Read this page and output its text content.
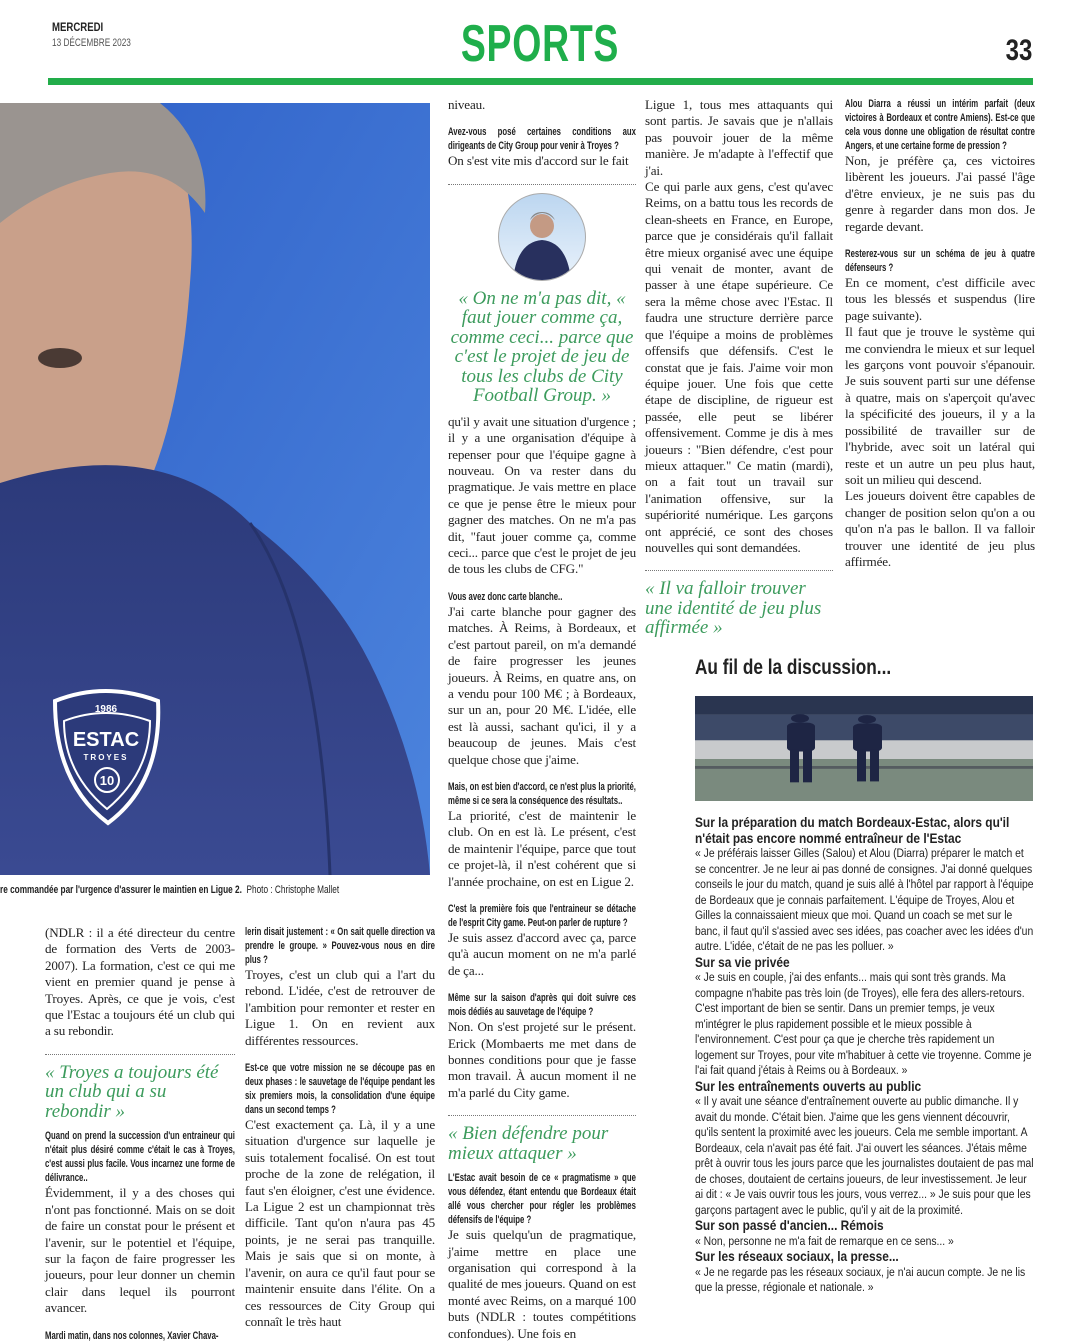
MERCREDI
13 DÉCEMBRE 2023	SPORTS	33
1986
ESTAC
TROYES
10
re commandée par l'urgence d'assurer le maintien en Ligue 2. Photo : Christophe Mallet

niveau.

Avez-vous posé certaines conditions aux dirigeants de City Group pour venir à Troyes ?

On s'est vite mis d'accord sur le fait

« On ne m'a pas dit, « faut jouer comme ça, comme ceci... parce que c'est le projet de jeu de tous les clubs de City Football Group. »

qu'il y avait une situation d'urgence ; il y a une organisation d'équipe à repenser pour que l'équipe gagne à nouveau. On va rester dans du pragmatique. Je vais mettre en place ce que je pense être le mieux pour gagner des matches. On ne m'a pas dit, "faut jouer comme ça, comme ceci... parce que c'est le projet de jeu de tous les clubs de CFG."

Vous avez donc carte blanche..

J'ai carte blanche pour gagner des matches. À Reims, à Bordeaux, et c'est partout pareil, on m'a demandé de faire progresser les jeunes joueurs. À Reims, en quatre ans, on a vendu pour 100 M€ ; à Bordeaux, sur un an, pour 20 M€. L'idée, elle est là aussi, sachant qu'ici, il y a beaucoup de jeunes. Mais c'est quelque chose que j'aime.

Mais, on est bien d'accord, ce n'est plus la priorité, même si ce sera la conséquence des résultats..

La priorité, c'est de maintenir le club. On en est là. Le présent, c'est de maintenir l'équipe, parce que tout ce projet-là, il n'est cohérent que si l'année prochaine, on est en Ligue 2.

C'est la première fois que l'entraineur se détache de l'esprit City game. Peut-on parler de rupture ?

Je suis assez d'accord avec ça, parce qu'à aucun moment on ne m'a parlé de ça...

Même sur la saison d'après qui doit suivre ces mois dédiés au sauvetage de l'équipe ?

Non. On s'est projeté sur le présent. Erick (Mombaerts me met dans de bonnes conditions pour que je fasse mon travail. À aucun moment il ne m'a parlé du City game.

« Bien défendre pour mieux attaquer »
L'Estac avait besoin de ce « pragmatisme » que vous défendez, étant entendu que Bordeaux était allé vous chercher pour régler les problèmes défensifs de l'équipe ?

Je suis quelqu'un de pragmatique, j'aime mettre en place une organisation qui correspond à la qualité de mes joueurs. Quand on est monté avec Reims, on a marqué 100 buts (NDLR : toutes compétitions confondues). Une fois en

Ligue 1, tous mes attaquants qui sont partis. Je savais que je n'allais pas pouvoir jouer de la même manière. Je m'adapte à l'effectif que j'ai.

Ce qui parle aux gens, c'est qu'avec Reims, on a battu tous les records de clean-sheets en France, en Europe, parce que je considérais qu'il fallait être mieux organisé avec une équipe qui venait de monter, avant de passer à une étape supérieure. Ce sera la même chose avec l'Estac. Il faudra une structure derrière parce que l'équipe a moins de problèmes offensifs que défensifs. C'est le constat que je fais. J'aime voir mon équipe jouer. Une fois que cette étape de discipline, de rigueur est passée, elle peut se libérer offensivement. Comme je dis à mes joueurs : "Bien défendre, c'est pour mieux attaquer." Ce matin (mardi), on a fait tout un travail sur l'animation offensive, sur la supériorité numérique. Les garçons ont apprécié, ce sont des choses nouvelles qui sont demandées.

« Il va falloir trouver une identité de jeu plus affirmée »
Alou Diarra a réussi un intérim parfait (deux victoires à Bordeaux et contre Amiens). Est-ce que cela vous donne une obligation de résultat contre Angers, et une certaine forme de pression ?

Non, je préfère ça, ces victoires libèrent les joueurs. J'ai passé l'âge d'être envieux, je ne suis pas du genre à regarder dans mon dos. Je regarde devant.

Resterez-vous sur un schéma de jeu à quatre défenseurs ?

En ce moment, c'est difficile avec tous les blessés et suspendus (lire page suivante).

Il faut que je trouve le système qui me conviendra le mieux et sur lequel les garçons vont pouvoir s'épanouir. Je suis souvent parti sur une défense à quatre, mais on s'aperçoit qu'avec la spécificité des joueurs, il y a la possibilité de travailler sur de l'hybride, avec soit un latéral qui reste et un autre un peu plus haut, soit un milieu qui descend.

Les joueurs doivent être capables de changer de position selon qu'on a ou qu'on n'a pas le ballon. Il va falloir trouver une identité de jeu plus affirmée.

(NDLR : il a été directeur du centre de formation des Verts de 2003-2007). La formation, c'est ce qui me vient en premier quand je pense à Troyes. Après, ce que je vois, c'est que l'Estac a toujours été un club qui a su rebondir.

« Troyes a toujours été un club qui a su rebondir »
Quand on prend la succession d'un entraineur qui n'était plus désiré comme c'était le cas à Troyes, c'est aussi plus facile. Vous incarnez une forme de délivrance..

Évidemment, il y a des choses qui n'ont pas fonctionné. Mais on se doit de faire un constat pour le présent et l'avenir, sur le potentiel et l'équipe, sur la façon de faire progresser les joueurs, pour leur donner un chemin clair dans lequel ils pourront avancer.

Mardi matin, dans nos colonnes, Xavier Chava-
lerin disait justement : « On sait quelle direction va prendre le groupe. » Pouvez-vous nous en dire plus ?

Troyes, c'est un club qui a l'art du rebond. L'idée, c'est de retrouver de l'ambition pour remonter et rester en Ligue 1. On en revient aux différentes ressources.

Est-ce que votre mission ne se découpe pas en deux phases : le sauvetage de l'équipe pendant les six premiers mois, la consolidation d'une équipe dans un second temps ?

C'est exactement ça. Là, il y a une situation d'urgence sur laquelle je suis totalement focalisé. On est tout proche de la zone de relégation, il faut s'en éloigner, c'est une évidence. La Ligue 2 est un championnat très difficile. Tant qu'on n'aura pas 45 points, je ne serai pas tranquille. Mais je sais que si on monte, à l'avenir, on aura ce qu'il faut pour se maintenir ensuite dans l'élite. On a ces ressources de City Group qui connaît le très haut

Au fil de la discussion...
Sur la préparation du match Bordeaux-Estac, alors qu'il n'était pas encore nommé entraîneur de l'Estac

« Je préférais laisser Gilles (Salou) et Alou (Diarra) préparer le match et se concentrer. Je ne leur ai pas donné de consignes. J'ai donné quelques conseils le jour du match, quand je suis allé à l'hôtel par rapport à l'équipe de Bordeaux que je connais parfaitement. L'équipe de Troyes, Alou et Gilles la connaissaient mieux que moi. Quand un coach se met sur le banc, il faut qu'il s'assied avec ses idées, pas coacher avec les idées d'un autre. L'idée, c'était de ne pas les polluer. »

Sur sa vie privée

« Je suis en couple, j'ai des enfants... mais qui sont très grands. Ma compagne n'habite pas très loin (de Troyes), elle fera des allers-retours. C'est important de bien se sentir. Dans un premier temps, je veux m'intégrer le plus rapidement possible et le mieux possible à l'environnement. C'est pour ça que je cherche très rapidement un logement sur Troyes, pour vite m'habituer à cette vie troyenne. Comme je l'ai fait quand j'étais à Reims ou à Bordeaux. »

Sur les entraînements ouverts au public

« Il y avait une séance d'entraînement ouverte au public dimanche. Il y avait du monde. C'était bien. J'aime que les gens viennent découvrir, qu'ils sentent la proximité avec les joueurs. Cela me semble important. A Bordeaux, cela n'avait pas été fait. J'ai ouvert les séances. J'étais même prêt à ouvrir tous les jours parce que les journalistes doutaient de pas mal de choses, doutaient de certains joueurs, de leur investissement. Je leur ai dit : « Je vais ouvrir tous les jours, vous verrez... » Je suis pour que les garçons partagent avec le public, qu'il y ait de la proximité.

Sur son passé d'ancien... Rémois

« Non, personne ne m'a fait de remarque en ce sens... »

Sur les réseaux sociaux, la presse...

« Je ne regarde pas les réseaux sociaux, je n'ai aucun compte. Je ne lis que la presse, régionale et nationale. »
